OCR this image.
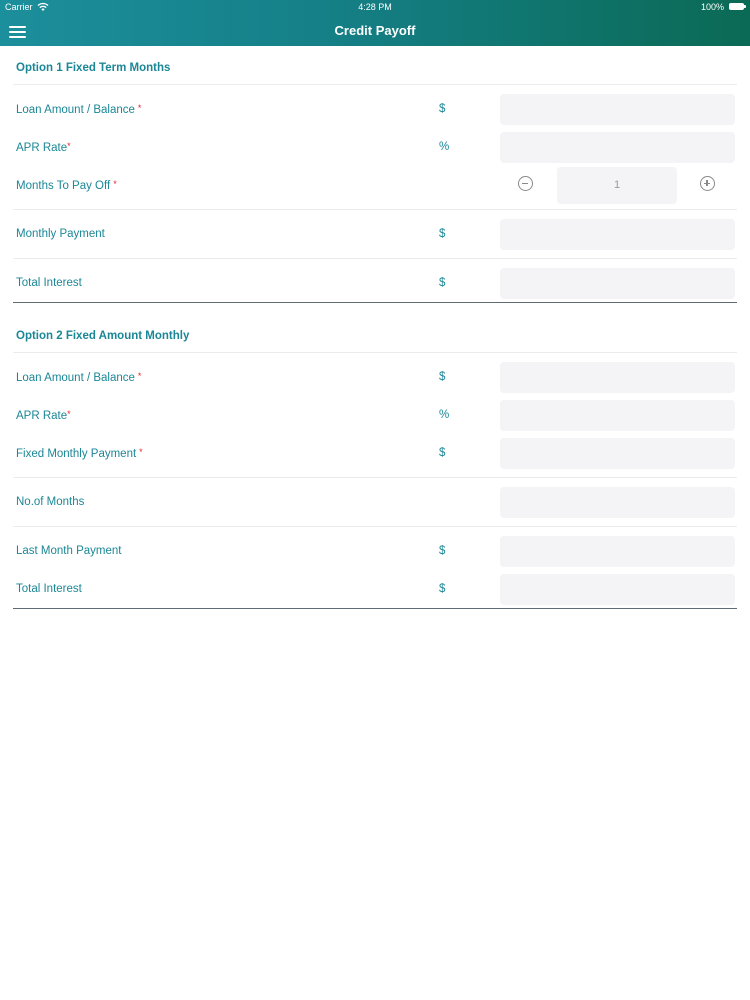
Carrier	4:28 PM	100%
Credit Payoff
Option 1 Fixed Term Months
Loan Amount / Balance *	$
APR Rate*	%
Months To Pay Off *	1
Monthly Payment	$
Total Interest	$
Option 2 Fixed Amount Monthly
Loan Amount / Balance *	$
APR Rate*	%
Fixed Monthly Payment *	$
No.of Months
Last Month Payment	$
Total Interest	$
